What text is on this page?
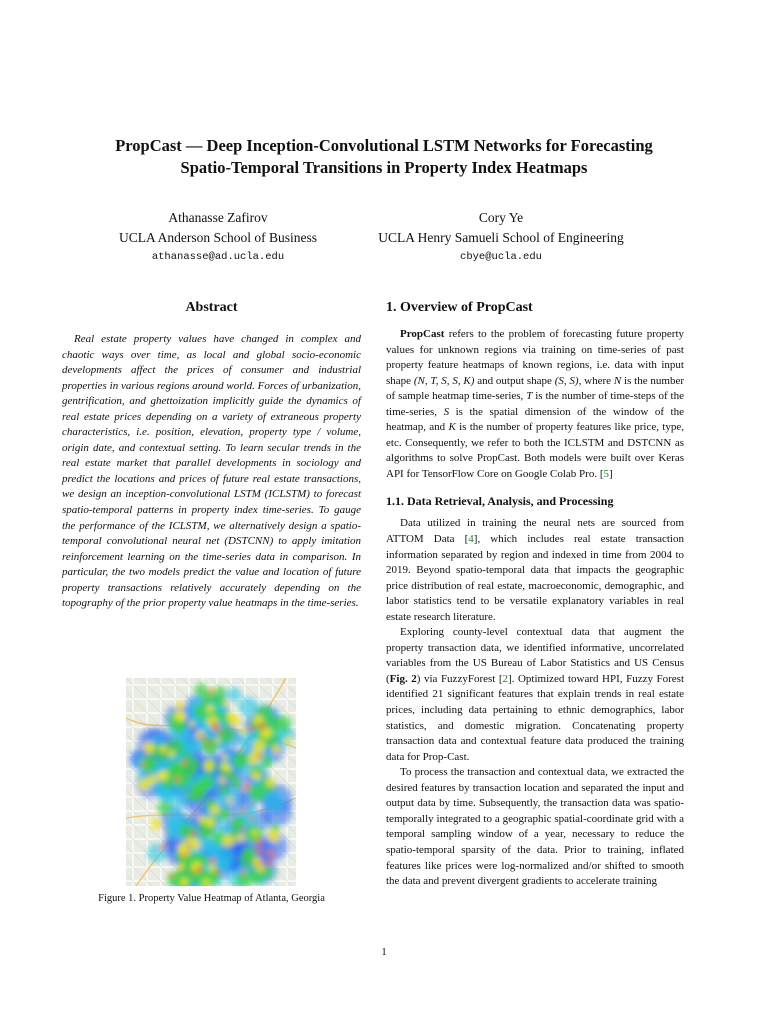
PropCast — Deep Inception-Convolutional LSTM Networks for Forecasting
Spatio-Temporal Transitions in Property Index Heatmaps
Athanasse Zafirov
UCLA Anderson School of Business
athanasse@ad.ucla.edu
Cory Ye
UCLA Henry Samueli School of Engineering
cbye@ucla.edu
Abstract

Real estate property values have changed in complex and chaotic ways over time, as local and global socio-economic developments affect the prices of consumer and industrial properties in various regions around world. Forces of urbanization, gentrification, and ghettoization implicitly guide the dynamics of real estate prices depending on a variety of extraneous property characteristics, i.e. position, elevation, property type / volume, origin date, and contextual setting. To learn secular trends in the real estate market that parallel developments in sociology and predict the locations and prices of future real estate transactions, we design an inception-convolutional LSTM (ICLSTM) to forecast spatio-temporal patterns in property index time-series. To gauge the performance of the ICLSTM, we alternatively design a spatio-temporal convolutional neural net (DSTCNN) to apply imitation reinforcement learning on the time-series data in comparison. In particular, the two models predict the value and location of future property transactions relatively accurately depending on the topography of the prior property value heatmaps in the time-series.

Figure 1. Property Value Heatmap of Atlanta, Georgia
1. Overview of PropCast

PropCast refers to the problem of forecasting future property values for unknown regions via training on time-series of past property feature heatmaps of known regions, i.e. data with input shape (N, T, S, S, K) and output shape (S, S), where N is the number of sample heatmap time-series, T is the number of time-steps of the time-series, S is the spatial dimension of the window of the heatmap, and K is the number of property features like price, type, etc. Consequently, we refer to both the ICLSTM and DSTCNN as algorithms to solve PropCast. Both models were built over Keras API for TensorFlow Core on Google Colab Pro. [5]

1.1. Data Retrieval, Analysis, and Processing

Data utilized in training the neural nets are sourced from ATTOM Data [4], which includes real estate transaction information separated by region and indexed in time from 2004 to 2019. Beyond spatio-temporal data that impacts the geographic price distribution of real estate, macroeconomic, demographic, and labor statistics tend to be versatile explanatory variables in real estate research literature.

Exploring county-level contextual data that augment the property transaction data, we identified informative, uncorrelated variables from the US Bureau of Labor Statistics and US Census (Fig. 2) via FuzzyForest [2]. Optimized toward HPI, Fuzzy Forest identified 21 significant features that explain trends in real estate prices, including data pertaining to ethnic demographics, labor statistics, and domestic migration. Concatenating property transaction data and contextual feature data produced the training data for Prop-Cast.

To process the transaction and contextual data, we extracted the desired features by transaction location and separated the input and output data by time. Subsequently, the transaction data was spatio-temporally integrated to a geographic spatial-coordinate grid with a temporal sampling window of a year, necessary to reduce the spatio-temporal sparsity of the data. Prior to training, inflated features like prices were log-normalized and/or shifted to smooth the data and prevent divergent gradients to accelerate training

1
